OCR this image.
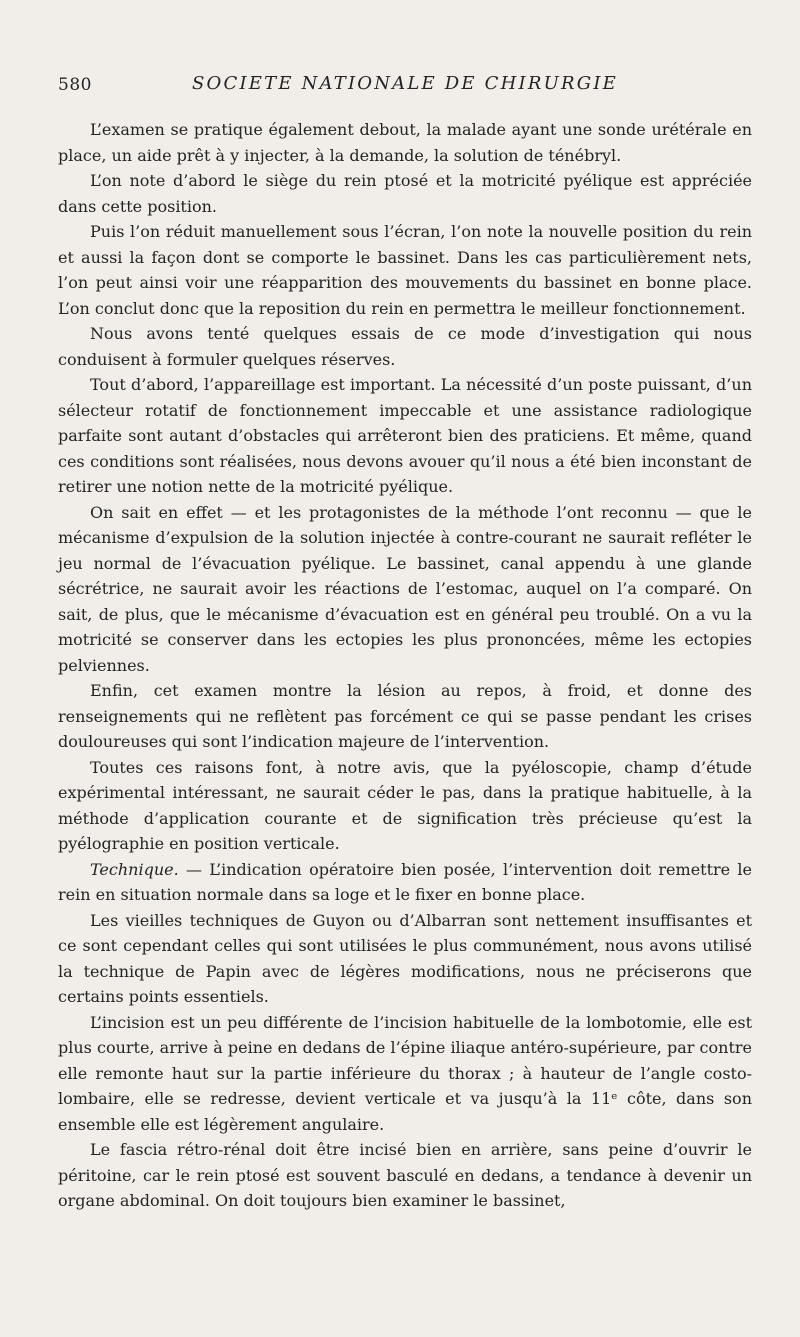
580	SOCIETE NATIONALE DE CHIRURGIE

L’examen se pratique également debout, la malade ayant une sonde urétérale en place, un aide prêt à y injecter, à la demande, la solution de ténébryl.

L’on note d’abord le siège du rein ptosé et la motricité pyélique est appréciée dans cette position.

Puis l’on réduit manuellement sous l’écran, l’on note la nouvelle position du rein et aussi la façon dont se comporte le bassinet. Dans les cas particulièrement nets, l’on peut ainsi voir une réapparition des mouvements du bassinet en bonne place. L’on conclut donc que la reposition du rein en permettra le meilleur fonctionnement.

Nous avons tenté quelques essais de ce mode d’investigation qui nous conduisent à formuler quelques réserves.

Tout d’abord, l’appareillage est important. La nécessité d’un poste puissant, d’un sélecteur rotatif de fonctionnement impeccable et une assistance radiologique parfaite sont autant d’obstacles qui arrêteront bien des praticiens. Et même, quand ces conditions sont réalisées, nous devons avouer qu’il nous a été bien inconstant de retirer une notion nette de la motricité pyélique.

On sait en effet — et les protagonistes de la méthode l’ont reconnu — que le mécanisme d’expulsion de la solution injectée à contre-courant ne saurait refléter le jeu normal de l’évacuation pyélique. Le bassinet, canal appendu à une glande sécrétrice, ne saurait avoir les réactions de l’estomac, auquel on l’a comparé. On sait, de plus, que le mécanisme d’évacuation est en général peu troublé. On a vu la motricité se conserver dans les ectopies les plus prononcées, même les ectopies pelviennes.

Enfin, cet examen montre la lésion au repos, à froid, et donne des renseignements qui ne reflètent pas forcément ce qui se passe pendant les crises douloureuses qui sont l’indication majeure de l’intervention.

Toutes ces raisons font, à notre avis, que la pyéloscopie, champ d’étude expérimental intéressant, ne saurait céder le pas, dans la pratique habituelle, à la méthode d’application courante et de signification très précieuse qu’est la pyélographie en position verticale.

Technique. — L’indication opératoire bien posée, l’intervention doit remettre le rein en situation normale dans sa loge et le fixer en bonne place.

Les vieilles techniques de Guyon ou d’Albarran sont nettement insuffisantes et ce sont cependant celles qui sont utilisées le plus communément, nous avons utilisé la technique de Papin avec de légères modifications, nous ne préciserons que certains points essentiels.

L’incision est un peu différente de l’incision habituelle de la lombotomie, elle est plus courte, arrive à peine en dedans de l’épine iliaque antéro-supérieure, par contre elle remonte haut sur la partie inférieure du thorax ; à hauteur de l’angle costo-lombaire, elle se redresse, devient verticale et va jusqu’à la 11ᵉ côte, dans son ensemble elle est légèrement angulaire.

Le fascia rétro-rénal doit être incisé bien en arrière, sans peine d’ouvrir le péritoine, car le rein ptosé est souvent basculé en dedans, a tendance à devenir un organe abdominal. On doit toujours bien examiner le bassinet,
